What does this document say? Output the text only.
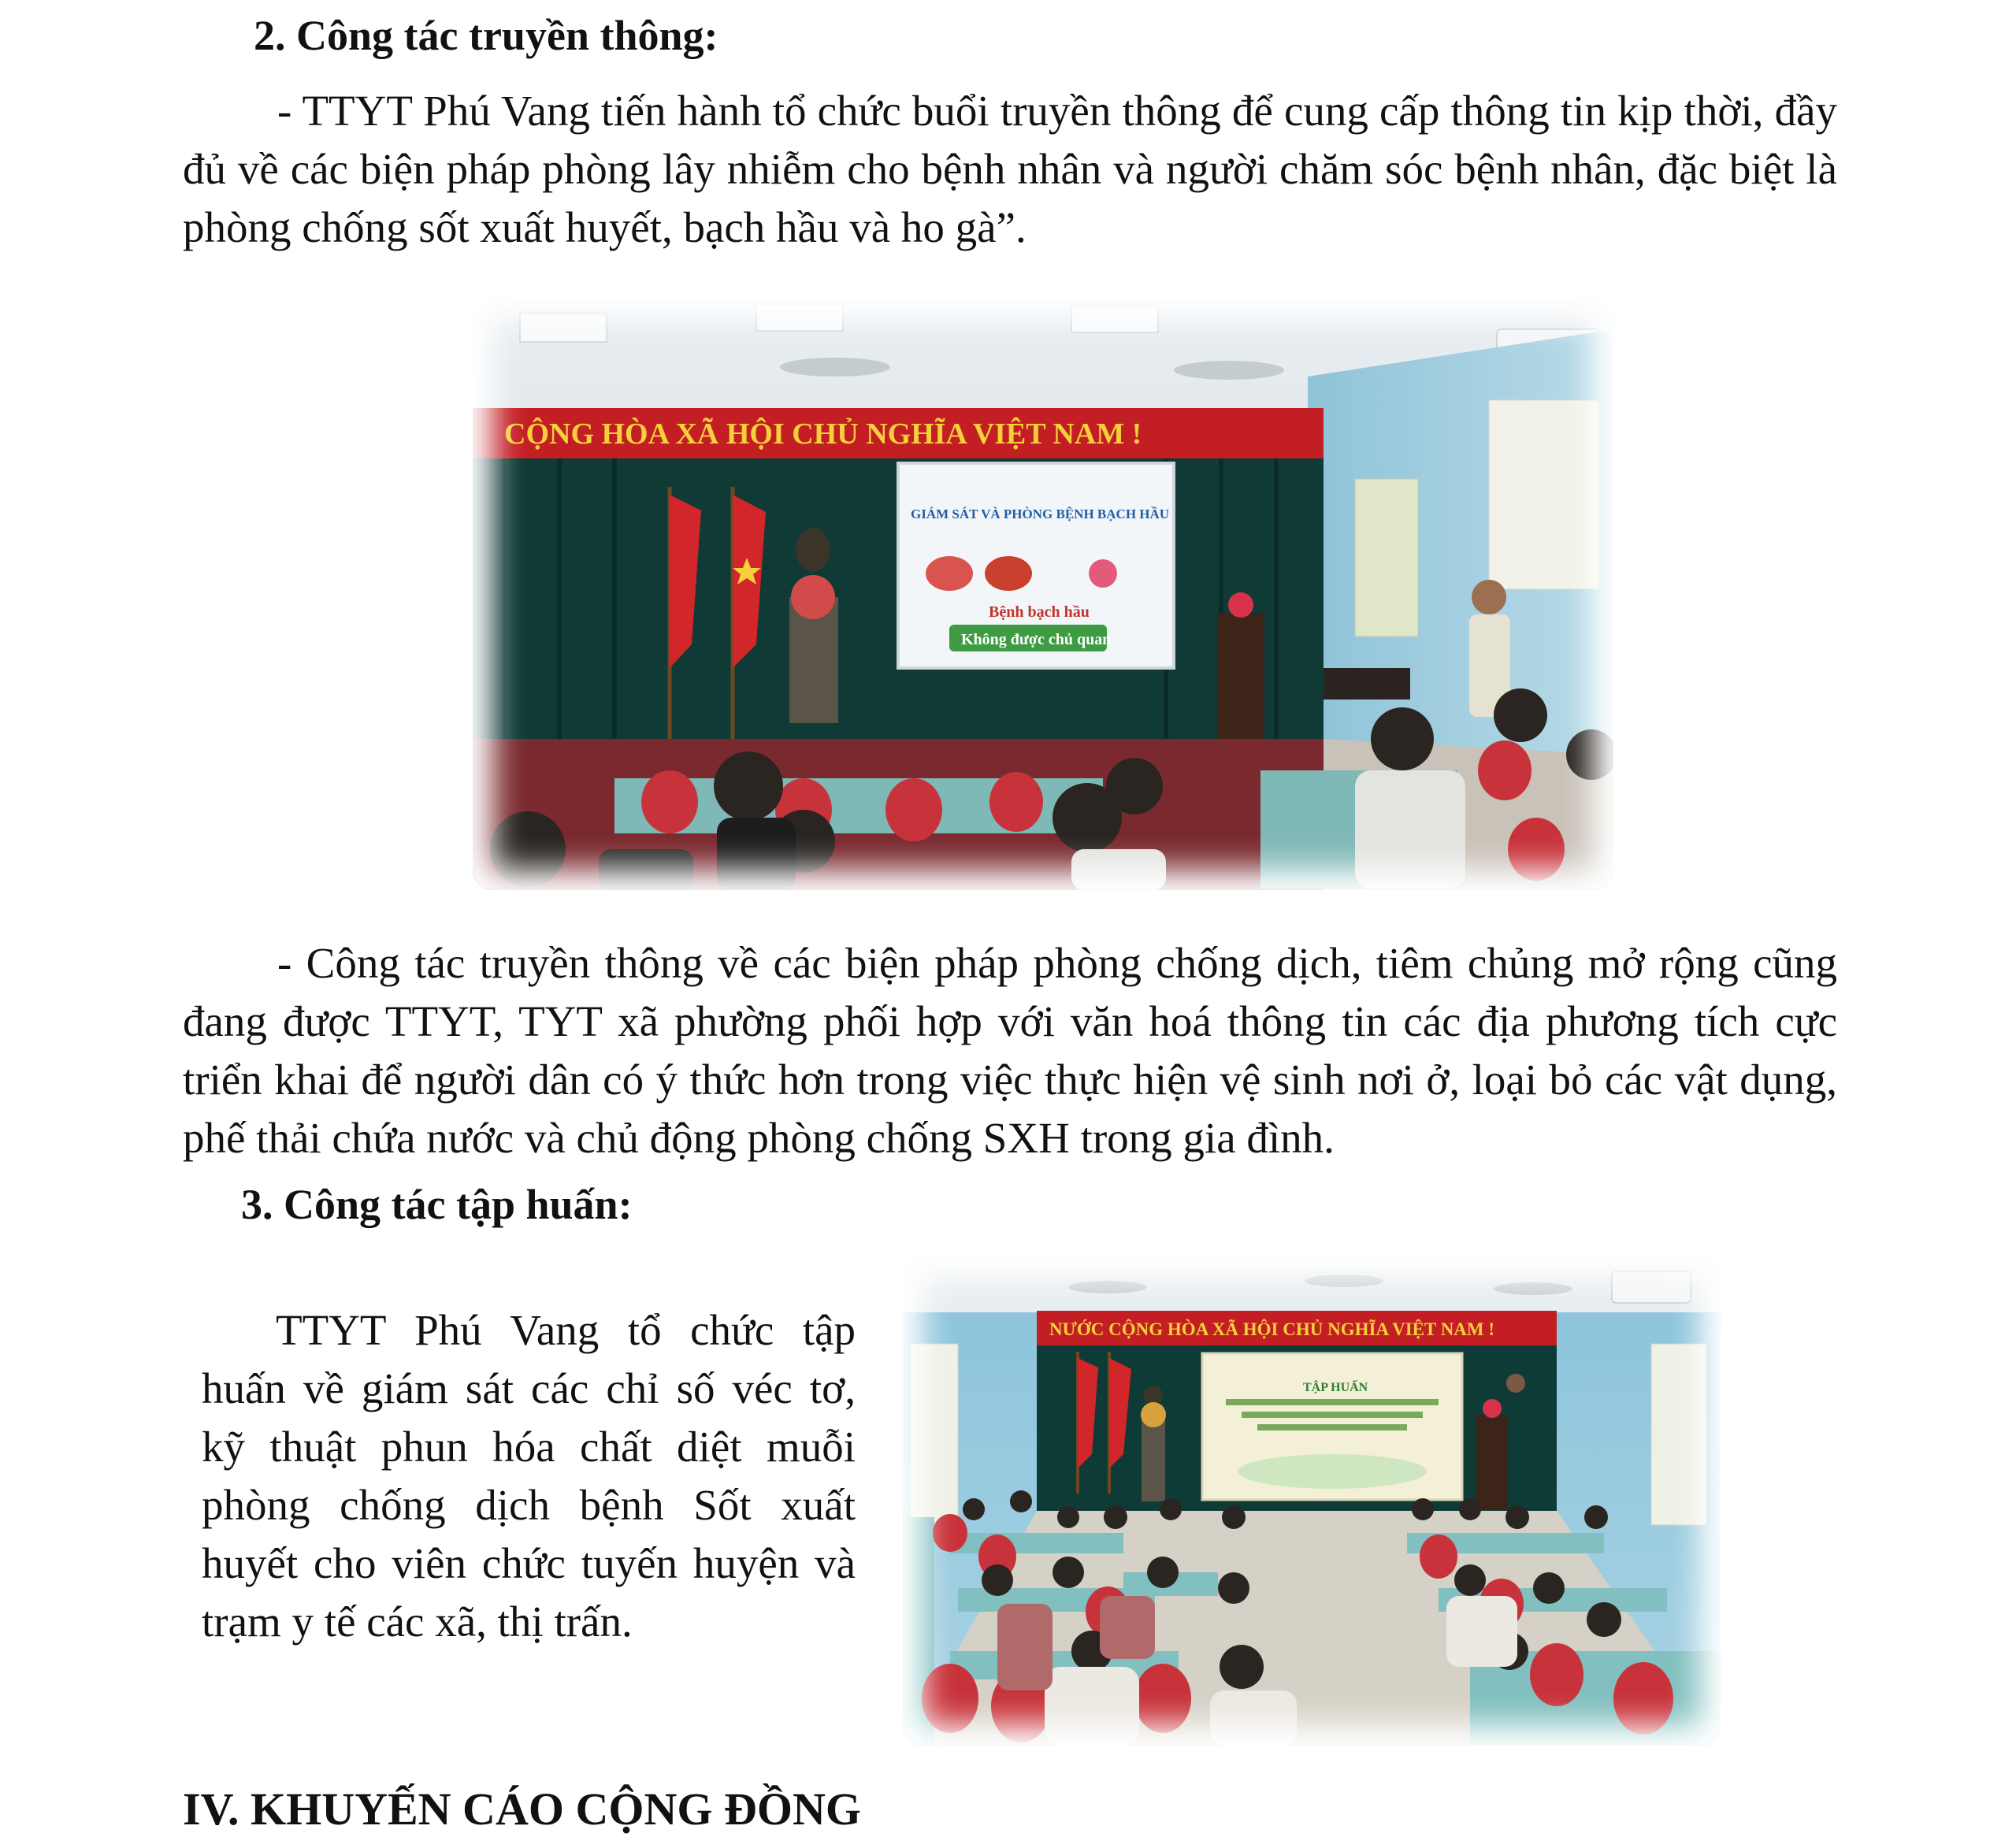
2. Công tác truyền thông:
- TTYT Phú Vang tiến hành tổ chức buổi truyền thông để cung cấp thông tin kịp thời, đầy đủ về các biện pháp phòng lây nhiễm cho bệnh nhân và người chăm sóc bệnh nhân, đặc biệt là phòng chống sốt xuất huyết, bạch hầu và ho gà”.
CỘNG HÒA XÃ HỘI CHỦ NGHĨA VIỆT NAM !
GIÁM SÁT VÀ PHÒNG BỆNH BẠCH HẦU
Bệnh bạch hầu
Không được chủ quan
- Công tác truyền thông về các biện pháp phòng chống dịch, tiêm chủng mở rộng cũng đang được TTYT, TYT xã phường phối hợp với văn hoá thông tin các địa phương tích cực triển khai để người dân có ý thức hơn trong việc thực hiện vệ sinh nơi ở, loại bỏ các vật dụng, phế thải chứa nước và chủ động phòng chống SXH trong gia đình.
3. Công tác tập huấn:
TTYT Phú Vang tổ chức tập huấn về giám sát các chỉ số véc tơ, kỹ thuật phun hóa chất diệt muỗi phòng chống dịch bệnh Sốt xuất huyết cho viên chức tuyến huyện và trạm y tế các xã, thị trấn.
NƯỚC CỘNG HÒA XÃ HỘI CHỦ NGHĨA VIỆT NAM !
TẬP HUẤN
IV. KHUYẾN CÁO CỘNG ĐỒNG
